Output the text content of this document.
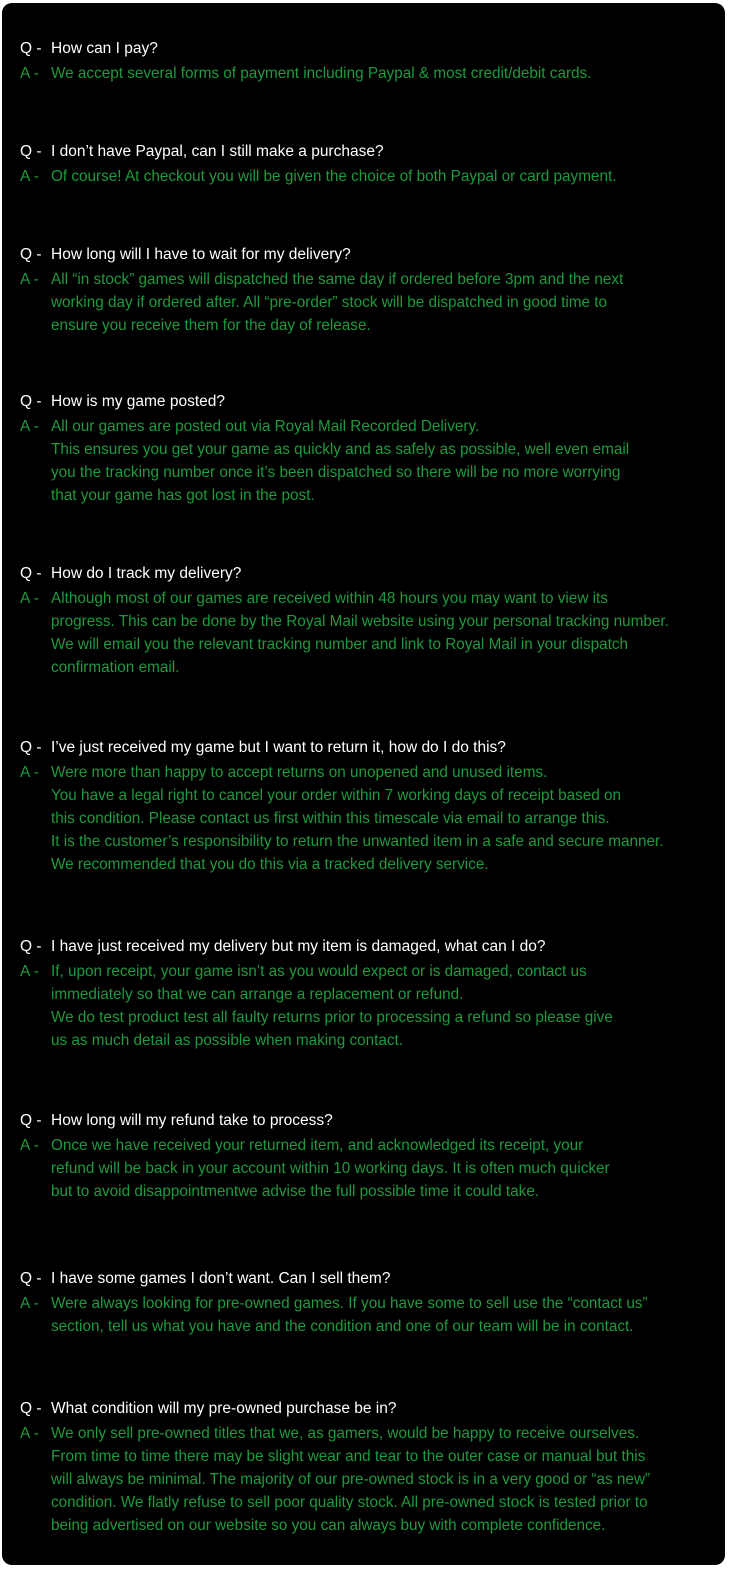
Q - How can I pay?
A - We accept several forms of payment including Paypal & most credit/debit cards.
Q - I don’t have Paypal, can I still make a purchase?
A - Of course! At checkout you will be given the choice of both Paypal or card payment.
Q - How long will I have to wait for my delivery?
A - All “in stock” games will dispatched the same day if ordered before 3pm and the next
working day if ordered after. All “pre-order” stock will be dispatched in good time to
ensure you receive them for the day of release.
Q - How is my game posted?
A - All our games are posted out via Royal Mail Recorded Delivery.
This ensures you get your game as quickly and as safely as possible, well even email
you the tracking number once it’s been dispatched so there will be no more worrying
that your game has got lost in the post.
Q - How do I track my delivery?
A - Although most of our games are received within 48 hours you may want to view its
progress. This can be done by the Royal Mail website using your personal tracking number.
We will email you the relevant tracking number and link to Royal Mail in your dispatch
confirmation email.
Q - I’ve just received my game but I want to return it, how do I do this?
A - Were more than happy to accept returns on unopened and unused items.
You have a legal right to cancel your order within 7 working days of receipt based on
this condition. Please contact us first within this timescale via email to arrange this.
It is the customer’s responsibility to return the unwanted item in a safe and secure manner.
We recommended that you do this via a tracked delivery service.
Q - I have just received my delivery but my item is damaged, what can I do?
A - If, upon receipt, your game isn’t as you would expect or is damaged, contact us
immediately so that we can arrange a replacement or refund.
We do test product test all faulty returns prior to processing a refund so please give
us as much detail as possible when making contact.
Q - How long will my refund take to process?
A - Once we have received your returned item, and acknowledged its receipt, your
refund will be back in your account within 10 working days. It is often much quicker
but to avoid disappointmentwe advise the full possible time it could take.
Q - I have some games I don’t want. Can I sell them?
A - Were always looking for pre-owned games. If you have some to sell use the “contact us”
section, tell us what you have and the condition and one of our team will be in contact.
Q - What condition will my pre-owned purchase be in?
A - We only sell pre-owned titles that we, as gamers, would be happy to receive ourselves.
From time to time there may be slight wear and tear to the outer case or manual but this
will always be minimal. The majority of our pre-owned stock is in a very good or “as new”
condition. We flatly refuse to sell poor quality stock. All pre-owned stock is tested prior to
being advertised on our website so you can always buy with complete confidence.
